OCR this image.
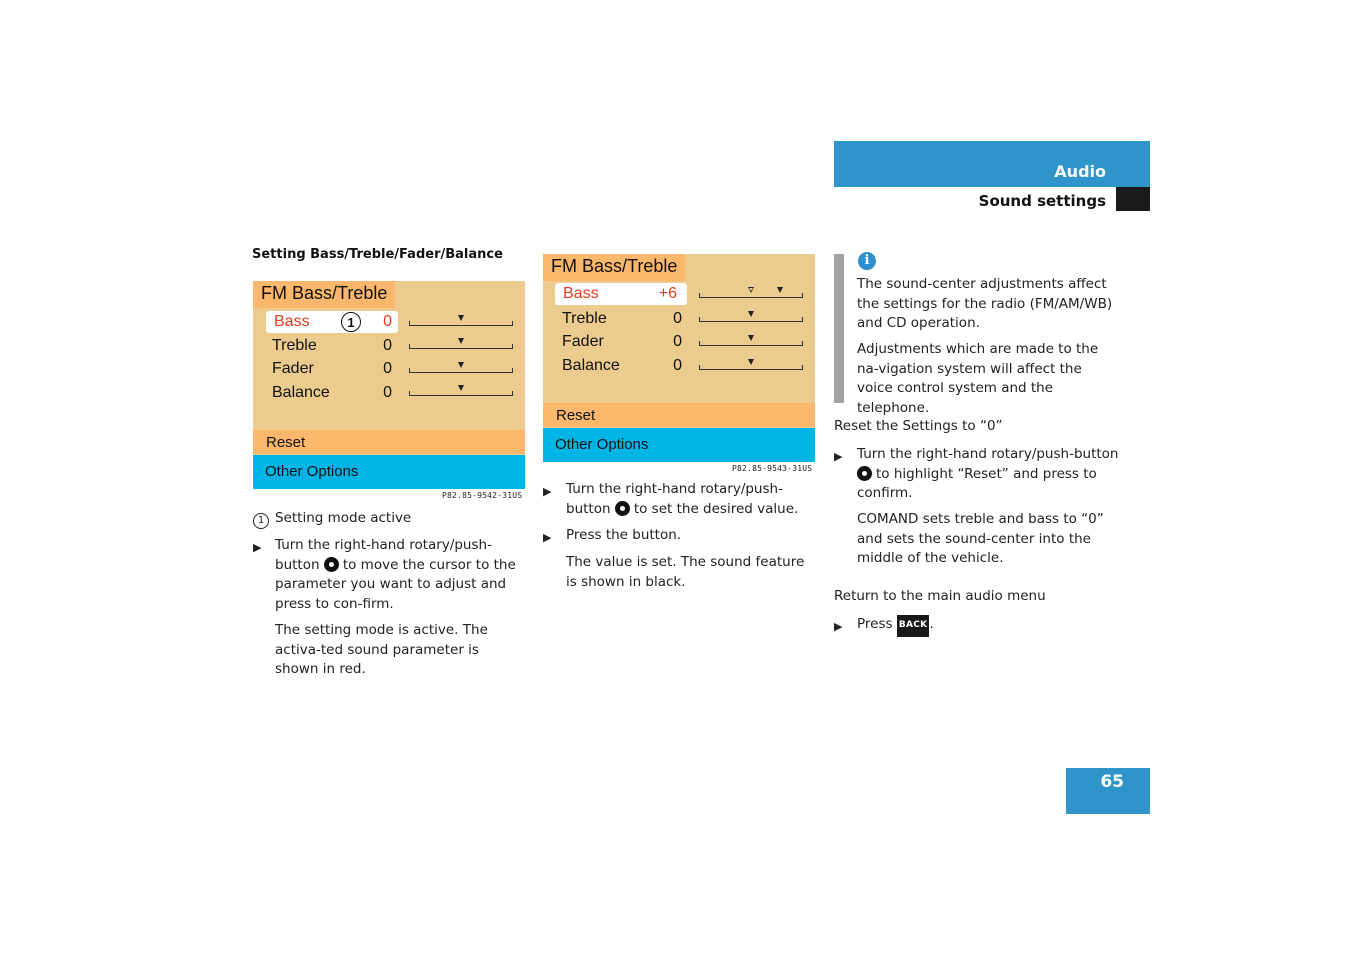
Audio
Sound settings
Setting Bass/Treble/Fader/Balance
FM Bass/Treble
Bass	0
1
Treble	0
Fader	0
Balance	0
Reset
Other Options
P82.85-9542-31US
FM Bass/Treble
Bass	+6
Treble	0
Fader	0
Balance	0
Reset
Other Options
P82.85-9543-31US
1 Setting mode active
▶ Turn the right-hand rotary/push-button to move the cursor to the parameter you want to adjust and press to con-firm.
The setting mode is active. The activa-ted sound parameter is shown in red.
▶ Turn the right-hand rotary/push-button to set the desired value.
▶ Press the button.
The value is set. The sound feature is shown in black.
i
The sound-center adjustments affect the settings for the radio (FM/AM/WB) and CD operation.
Adjustments which are made to the na-vigation system will affect the voice control system and the telephone.
Reset the Settings to “0”
▶ Turn the right-hand rotary/push-button to highlight “Reset” and press to confirm.
COMAND sets treble and bass to “0” and sets the sound-center into the middle of the vehicle.
Return to the main audio menu
▶ Press BACK .
65
